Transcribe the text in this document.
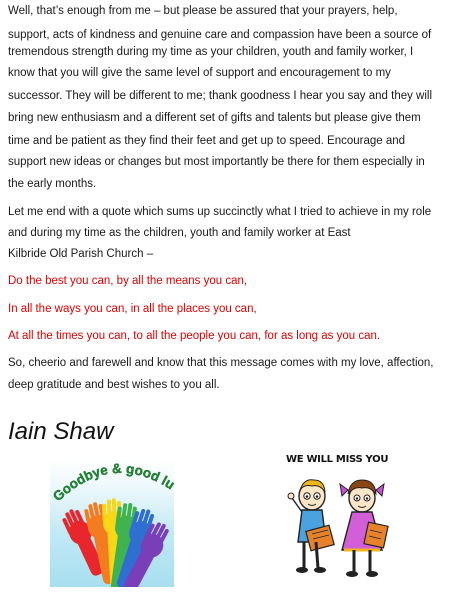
Well, that’s enough from me – but please be assured that your prayers, help,
support, acts of kindness and genuine care and compassion have been a source of
tremendous strength during my time as your children, youth and family worker, I
know that you will give the same level of support and encouragement to my
successor. They will be different to me; thank goodness I hear you say and they will
bring new enthusiasm and a different set of gifts and talents but please give them
time and be patient as they find their feet and get up to speed. Encourage and
support new ideas or changes but most importantly be there for them especially in
the early months.
Let me end with a quote which sums up succinctly what I tried to achieve in my role
and during my time as the children, youth and family worker at East
Kilbride Old Parish Church –
Do the best you can, by all the means you can,
In all the ways you can, in all the places you can,
At all the times you can, to all the people you can, for as long as you can.
So, cheerio and farewell and know that this message comes with my love, affection,
deep gratitude and best wishes to you all.
Iain Shaw
Goodbye & good l
WE WILL MISS YOU
